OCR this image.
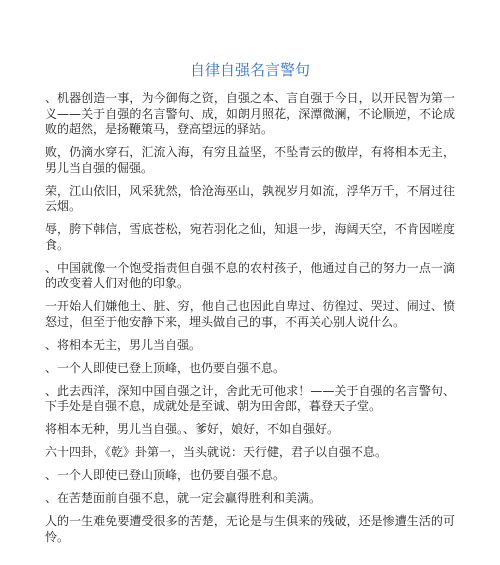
自律自强名言警句
、机器创造一事，为今御侮之资，自强之本、言自强于今日，以开民智为第一义——关于自强的名言警句、成，如朗月照花，深潭微澜，不论顺逆，不论成败的超然，是扬鞭策马，登高望远的驿站。
败，仍滴水穿石，汇流入海，有穷且益坚，不坠青云的傲岸，有将相本无主，男儿当自强的倔强。
荣，江山依旧，风采犹然，恰沧海巫山，孰视岁月如流，浮华万千，不屑过往云烟。
辱，胯下韩信，雪底苍松，宛若羽化之仙，知退一步，海阔天空，不肯因嗟度食。
、中国就像一个饱受指责但自强不息的农村孩子，他通过自己的努力一点一滴的改变着人们对他的印象。
一开始人们嫌他土、脏、穷，他自己也因此自卑过、彷徨过、哭过、闹过、愤怒过，但至于他安静下来，埋头做自己的事，不再关心别人说什么。
、将相本无主，男儿当自强。
、一个人即使已登上顶峰，也仍要自强不息。
、此去西洋，深知中国自强之计，舍此无可他求！——关于自强的名言警句、下手处是自强不息，成就处是至诚、朝为田舍郎，暮登天子堂。
将相本无种，男儿当自强。、爹好，娘好，不如自强好。
六十四卦，《乾》卦第一，当头就说：天行健，君子以自强不息。
、一个人即使已登山顶峰，也仍要自强不息。
、在苦楚面前自强不息，就一定会赢得胜利和美满。
人的一生难免要遭受很多的苦楚，无论是与生俱来的残破，还是惨遭生活的可怜。
